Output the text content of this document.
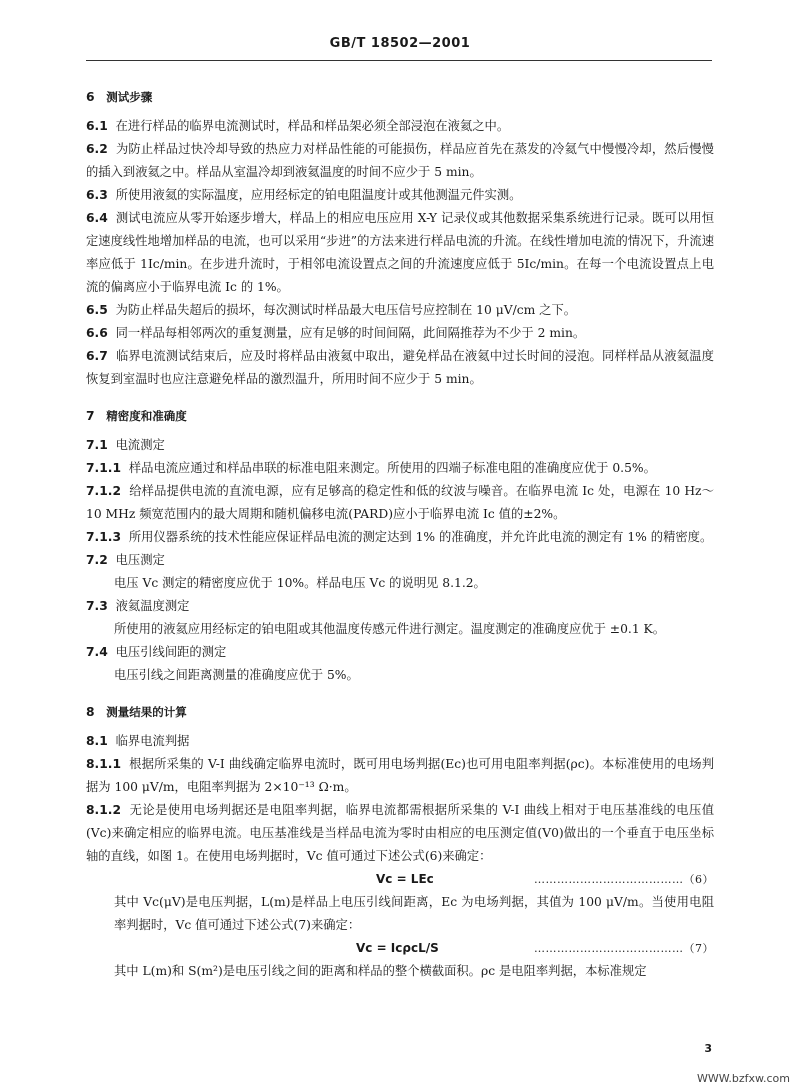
GB/T 18502—2001
6 测试步骤

6.1 在进行样品的临界电流测试时，样品和样品架必须全部浸泡在液氦之中。

6.2 为防止样品过快冷却导致的热应力对样品性能的可能损伤，样品应首先在蒸发的冷氦气中慢慢冷却，然后慢慢的插入到液氦之中。样品从室温冷却到液氦温度的时间不应少于 5 min。

6.3 所使用液氦的实际温度，应用经标定的铂电阻温度计或其他测温元件实测。

6.4 测试电流应从零开始逐步增大，样品上的相应电压应用 X-Y 记录仪或其他数据采集系统进行记录。既可以用恒定速度线性地增加样品的电流，也可以采用“步进”的方法来进行样品电流的升流。在线性增加电流的情况下，升流速率应低于 1Ic/min。在步进升流时，于相邻电流设置点之间的升流速度应低于 5Ic/min。在每一个电流设置点上电流的偏离应小于临界电流 Ic 的 1%。

6.5 为防止样品失超后的损坏，每次测试时样品最大电压信号应控制在 10 μV/cm 之下。

6.6 同一样品每相邻两次的重复测量，应有足够的时间间隔，此间隔推荐为不少于 2 min。

6.7 临界电流测试结束后，应及时将样品由液氦中取出，避免样品在液氦中过长时间的浸泡。同样样品从液氦温度恢复到室温时也应注意避免样品的激烈温升，所用时间不应少于 5 min。

7 精密度和准确度

7.1 电流测定

7.1.1 样品电流应通过和样品串联的标准电阻来测定。所使用的四端子标准电阻的准确度应优于 0.5%。

7.1.2 给样品提供电流的直流电源，应有足够高的稳定性和低的纹波与噪音。在临界电流 Ic 处，电源在 10 Hz～10 MHz 频宽范围内的最大周期和随机偏移电流(PARD)应小于临界电流 Ic 值的±2%。

7.1.3 所用仪器系统的技术性能应保证样品电流的测定达到 1% 的准确度，并允许此电流的测定有 1% 的精密度。

7.2 电压测定

电压 Vc 测定的精密度应优于 10%。样品电压 Vc 的说明见 8.1.2。

7.3 液氦温度测定

所使用的液氦应用经标定的铂电阻或其他温度传感元件进行测定。温度测定的准确度应优于 ±0.1 K。

7.4 电压引线间距的测定

电压引线之间距离测量的准确度应优于 5%。

8 测量结果的计算

8.1 临界电流判据

8.1.1 根据所采集的 V-I 曲线确定临界电流时，既可用电场判据(Ec)也可用电阻率判据(ρc)。本标准使用的电场判据为 100 μV/m，电阻率判据为 2×10⁻¹³ Ω·m。

8.1.2 无论是使用电场判据还是电阻率判据，临界电流都需根据所采集的 V-I 曲线上相对于电压基准线的电压值(Vc)来确定相应的临界电流。电压基准线是当样品电流为零时由相应的电压测定值(V0)做出的一个垂直于电压坐标轴的直线，如图 1。在使用电场判据时，Vc 值可通过下述公式(6)来确定：

Vc = LEc	…………………………………（6）

其中 Vc(μV)是电压判据，L(m)是样品上电压引线间距离，Ec 为电场判据，其值为 100 μV/m。当使用电阻率判据时，Vc 值可通过下述公式(7)来确定：

Vc = IcρcL/S	…………………………………（7）

其中 L(m)和 S(m²)是电压引线之间的距离和样品的整个横截面积。ρc 是电阻率判据，本标准规定

3
WWW.bzfxw.com
